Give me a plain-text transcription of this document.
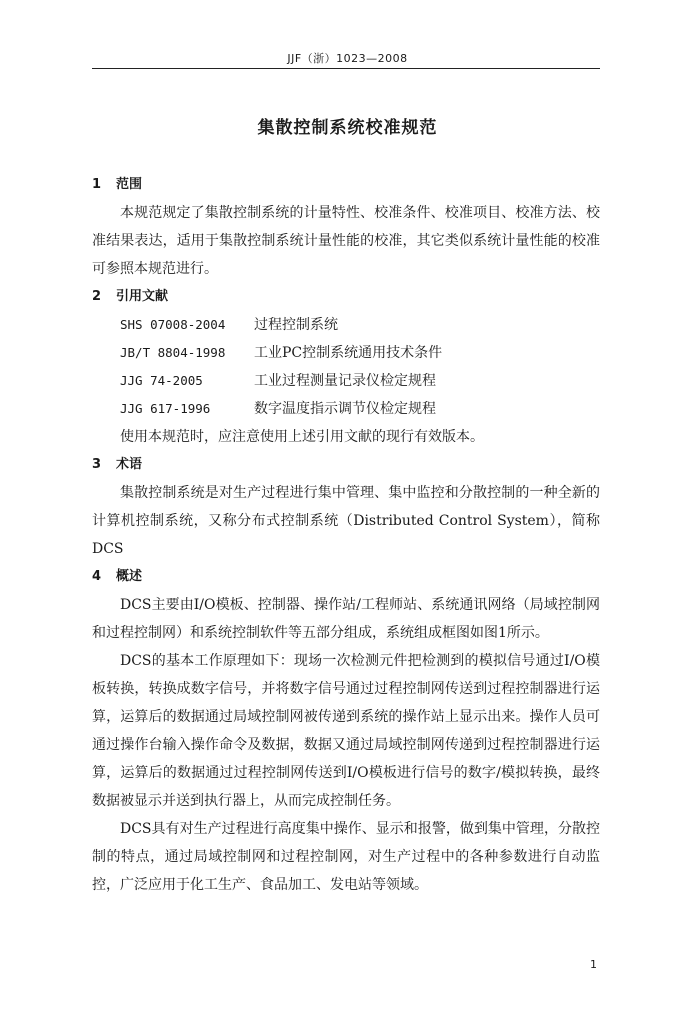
JJF（浙）1023—2008
集散控制系统校准规范
1 范围

本规范规定了集散控制系统的计量特性、校准条件、校准项目、校准方法、校准结果表达，适用于集散控制系统计量性能的校准，其它类似系统计量性能的校准可参照本规范进行。

2 引用文献
SHS 07008-2004 过程控制系统
JB/T 8804-1998 工业PC控制系统通用技术条件
JJG 74-2005	工业过程测量记录仪检定规程
JJG 617-1996	数字温度指示调节仪检定规程

使用本规范时，应注意使用上述引用文献的现行有效版本。

3 术语

集散控制系统是对生产过程进行集中管理、集中监控和分散控制的一种全新的计算机控制系统，又称分布式控制系统（Distributed Control System），简称DCS

4 概述

DCS主要由I/O模板、控制器、操作站/工程师站、系统通讯网络（局域控制网和过程控制网）和系统控制软件等五部分组成，系统组成框图如图1所示。

DCS的基本工作原理如下：现场一次检测元件把检测到的模拟信号通过I/O模板转换，转换成数字信号，并将数字信号通过过程控制网传送到过程控制器进行运算，运算后的数据通过局域控制网被传递到系统的操作站上显示出来。操作人员可通过操作台输入操作命令及数据，数据又通过局域控制网传递到过程控制器进行运算，运算后的数据通过过程控制网传送到I/O模板进行信号的数字/模拟转换，最终数据被显示并送到执行器上，从而完成控制任务。

DCS具有对生产过程进行高度集中操作、显示和报警，做到集中管理，分散控制的特点，通过局域控制网和过程控制网，对生产过程中的各种参数进行自动监控，广泛应用于化工生产、食品加工、发电站等领域。

1
